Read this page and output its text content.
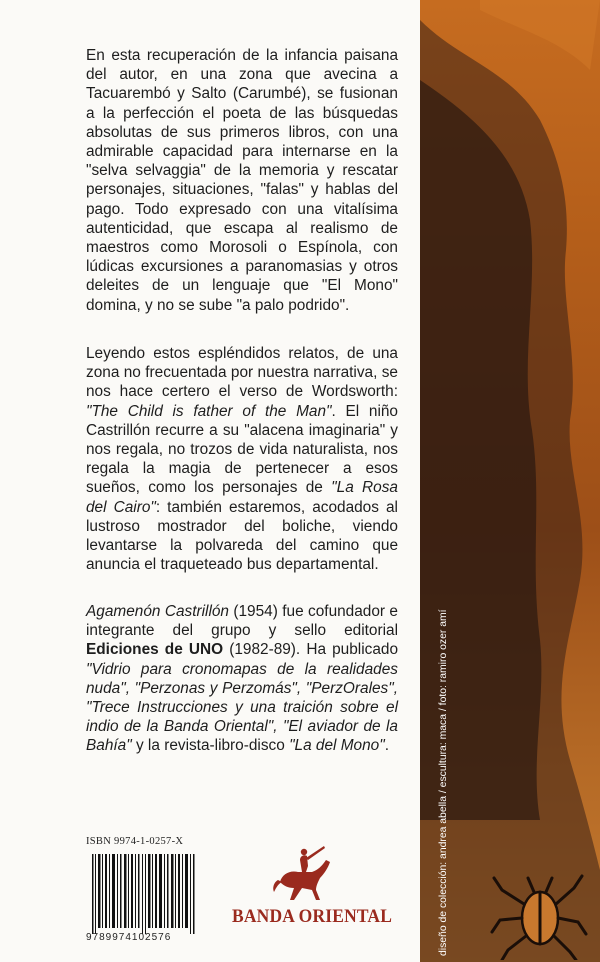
En esta recuperación de la infancia paisana del autor, en una zona que avecina a Tacuarembó y Salto (Carumbé), se fusionan a la perfección el poeta de las búsquedas absolutas de sus primeros libros, con una admirable capacidad para internarse en la "selva selvaggia" de la memoria y rescatar personajes, situaciones, "falas" y hablas del pago. Todo expresado con una vitalísima autenticidad, que escapa al realismo de maestros como Morosoli o Espínola, con lúdicas excursiones a paranomasias y otros deleites de un lenguaje que "El Mono" domina, y no se sube "a palo podrido".

Leyendo estos espléndidos relatos, de una zona no frecuentada por nuestra narrativa, se nos hace certero el verso de Wordsworth: "The Child is father of the Man". El niño Castrillón recurre a su "alacena imaginaria" y nos regala, no trozos de vida naturalista, nos regala la magia de pertenecer a esos sueños, como los personajes de "La Rosa del Cairo": también estaremos, acodados al lustroso mostrador del boliche, viendo levantarse la polvareda del camino que anuncia el traqueteado bus departamental.

Agamenón Castrillón (1954) fue cofundador e integrante del grupo y sello editorial Ediciones de UNO (1982-89). Ha publicado "Vidrio para cronomapas de la realidades nuda", "Perzonas y Perzomás", "PerzOrales", "Trece Instrucciones y una traición sobre el indio de la Banda Oriental", "El aviador de la Bahía" y la revista-libro-disco "La del Mono".

ISBN 9974-1-0257-X
9789974102576
BANDA ORIENTAL	diseño de colección: andrea abella / escultura: maca / foto: ramiro ozer amí
